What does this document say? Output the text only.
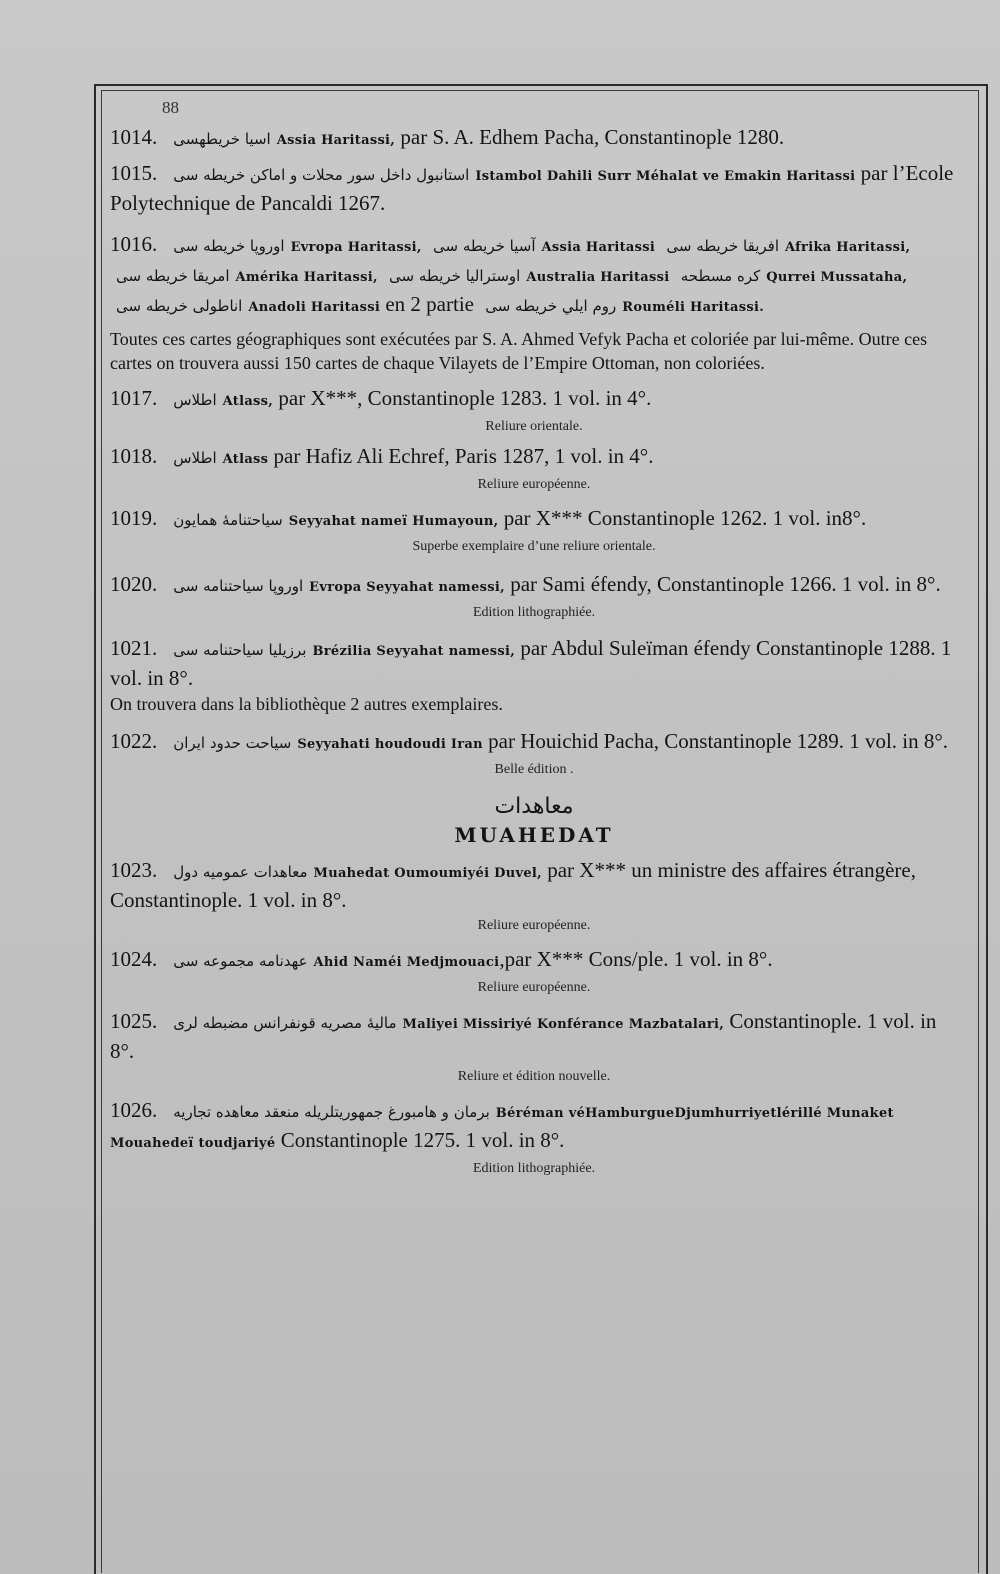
88
1014. اسيا خريطهسى Assia Haritassi, par S. A. Edhem Pacha, Constantinople 1280.
1015. استانبول داخل سور محلات و اماكن خريطه سى Istambol Dahili Surr Méhalat ve Emakin Haritassi par l’Ecole Polytechnique de Pancaldi 1267.
1016. اوروپا خريطه سى Evropa Haritassi, آسيا خريطه سى Assia Haritassi افريقا خريطه سى Afrika Haritassi, امريقا خريطه سى Amérika Haritassi, اوسترالیا خريطه سى Australia Haritassi كره مسطحه Qurrei Mussataha, اناطولی خريطه سى Anadoli Haritassi en 2 partie روم ايلي خريطه سى Rouméli Haritassi.
Toutes ces cartes géographiques sont exécutées par S. A. Ahmed Vefyk Pacha et coloriée par lui-même. Outre ces cartes on trouvera aussi 150 cartes de chaque Vilayets de l’Empire Ottoman, non coloriées.
1017. اطلاس Atlass, par X***, Constantinople 1283. 1 vol. in 4°.
Reliure orientale.
1018. اطلاس Atlass par Hafiz Ali Echref, Paris 1287, 1 vol. in 4°.
Reliure européenne.
1019. سياحتنامهٔ همايون Seyyahat nameï Humayoun, par X*** Constantinople 1262. 1 vol. in8°.
Superbe exemplaire d’une reliure orientale.
1020. اوروپا سياحتنامه سى Evropa Seyyahat namessi, par Sami éfendy, Constantinople 1266. 1 vol. in 8°.
Edition lithographiée.
1021. برزيليا سياحتنامه سى Brézilia Seyyahat namessi, par Abdul Suleïman éfendy Constantinople 1288. 1 vol. in 8°.
On trouvera dans la bibliothèque 2 autres exemplaires.
1022. سياحت حدود ايران Seyyahati houdoudi Iran par Houichid Pacha, Constantinople 1289. 1 vol. in 8°.
Belle édition .
معاهدات
MUAHEDAT
1023. معاهدات عموميه دول Muahedat Oumoumiyéi Duvel, par X*** un ministre des affaires étrangère, Constantinople. 1 vol. in 8°.
Reliure européenne.
1024. عهدنامه مجموعه سى Ahid Naméi Medjmouaci,par X*** Cons/ple. 1 vol. in 8°.
Reliure européenne.
1025. ماليهٔ مصريه قونفرانس مضبطه لرى Maliyei Missiriyé Konférance Mazbatalari, Constantinople. 1 vol. in 8°.
Reliure et édition nouvelle.
1026. برمان و هامبورغ جمهوريتلريله منعقد معاهده تجاريه Béréman véHamburgueDjumhurriyetlérillé Munaket Mouahedeï toudjariyé Constantinople 1275. 1 vol. in 8°.
Edition lithographiée.
